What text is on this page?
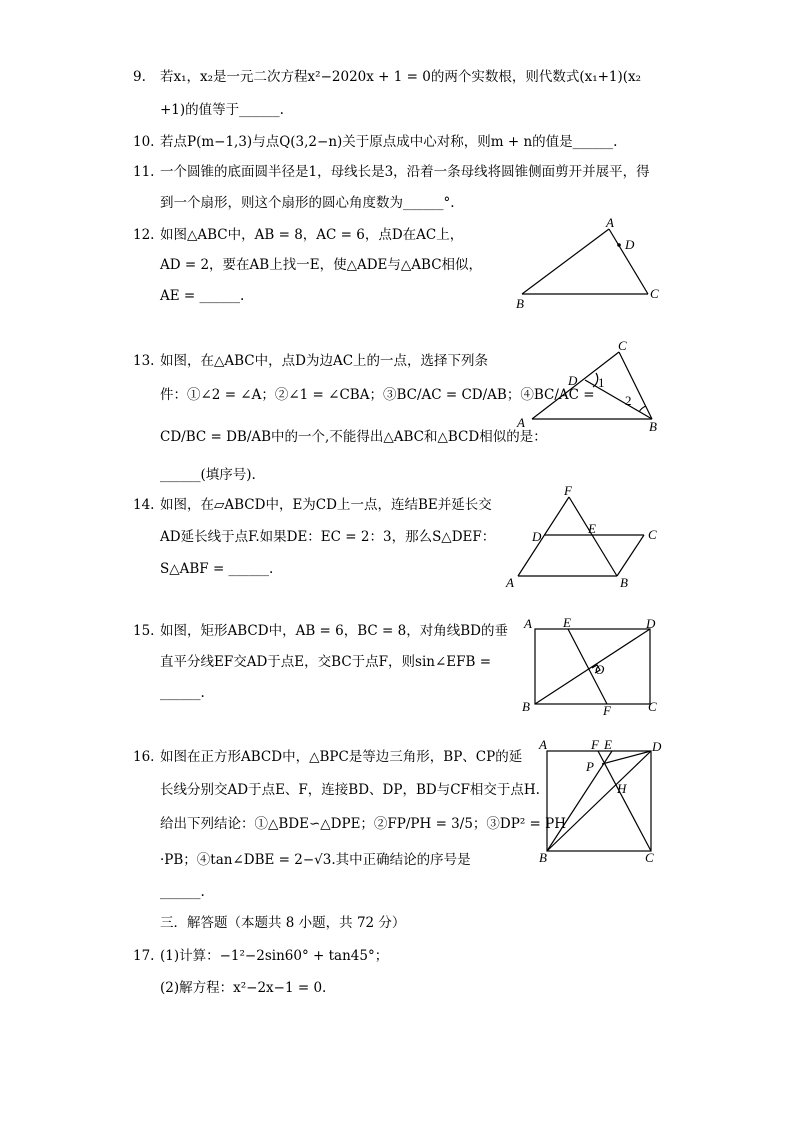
9. 若x₁，x₂是一元二次方程x²−2020x + 1 = 0的两个实数根，则代数式(x₁+1)(x₂
+1)的值等于______.
10. 若点P(m−1,3)与点Q(3,2−n)关于原点成中心对称，则m + n的值是______.
11. 一个圆锥的底面圆半径是1，母线长是3，沿着一条母线将圆锥侧面剪开并展平，得
到一个扇形，则这个扇形的圆心角度数为______°.
12. 如图△ABC中，AB = 8，AC = 6，点D在AC上，
AD = 2，要在AB上找一E，使△ADE与△ABC相似，
AE = ______.
A
D
B
C
13. 如图，在△ABC中，点D为边AC上的一点，选择下列条
件：①∠2 = ∠A；②∠1 = ∠CBA；③BC/AC = CD/AB；④BC/AC =
CD/BC = DB/AB中的一个,不能得出△ABC和△BCD相似的是：
______(填序号).
C
D 1
2
A	B
14. 如图，在▱ABCD中，E为CD上一点，连结BE并延长交
AD延长线于点F.如果DE：EC = 2：3，那么S△DEF：
S△ABF = ______.
F
D
E	C
A	B
15. 如图，矩形ABCD中，AB = 6，BC = 8，对角线BD的垂
直平分线EF交AD于点E，交BC于点F，则sin∠EFB =
______.
A E	D
O
B	F	C
16. 如图在正方形ABCD中，△BPC是等边三角形，BP、CP的延
长线分别交AD于点E、F，连接BD、DP，BD与CF相交于点H.
给出下列结论：①△BDE∽△DPE；②FP/PH = 3/5；③DP² = PH
·PB；④tan∠DBE = 2−√3.其中正确结论的序号是
______.
A	F E	D
P
H
B	C
三．解答题（本题共 8 小题，共 72 分）
17. (1)计算：−1²−2sin60° + tan45°；
(2)解方程：x²−2x−1 = 0.
